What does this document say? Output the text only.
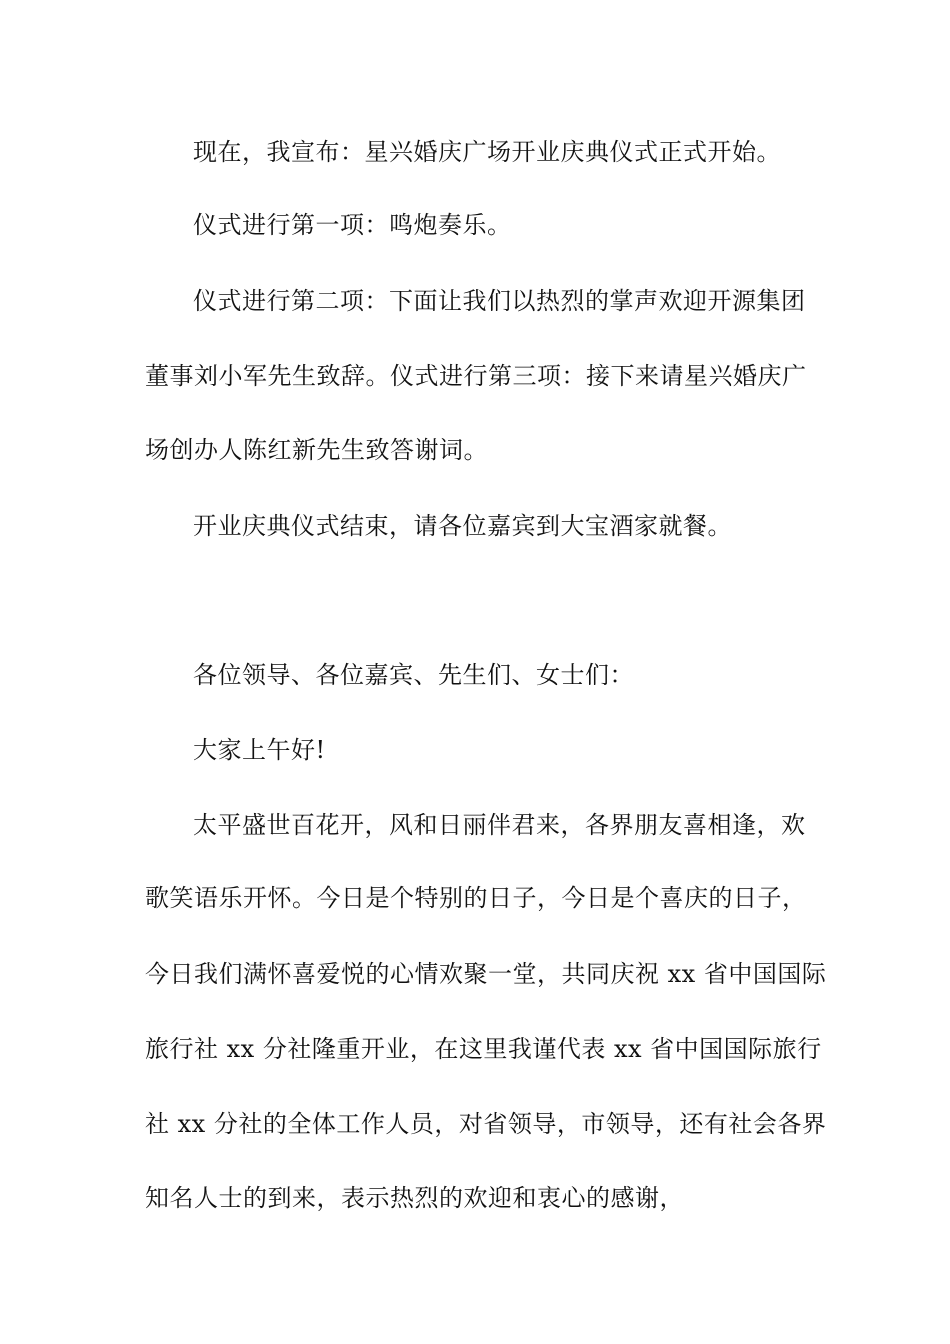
现在，我宣布：星兴婚庆广场开业庆典仪式正式开始。
仪式进行第一项：鸣炮奏乐。
仪式进行第二项：下面让我们以热烈的掌声欢迎开源集团
董事刘小军先生致辞。仪式进行第三项：接下来请星兴婚庆广
场创办人陈红新先生致答谢词。
开业庆典仪式结束，请各位嘉宾到大宝酒家就餐。
各位领导、各位嘉宾、先生们、女士们：
大家上午好!
太平盛世百花开，风和日丽伴君来，各界朋友喜相逢，欢
歌笑语乐开怀。今日是个特别的日子，今日是个喜庆的日子，
今日我们满怀喜爱悦的心情欢聚一堂，共同庆祝 xx 省中国国际
旅行社 xx 分社隆重开业，在这里我谨代表 xx 省中国国际旅行
社 xx 分社的全体工作人员，对省领导，市领导，还有社会各界
知名人士的到来，表示热烈的欢迎和衷心的感谢，
